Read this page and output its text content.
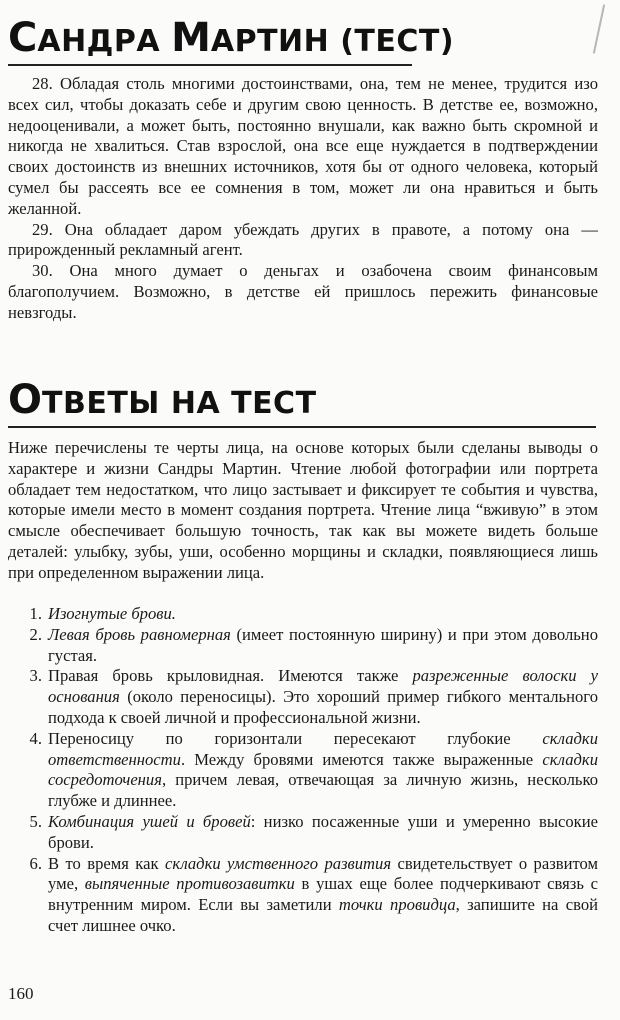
САНДРА МАРТИН (ТЕСТ)

28. Обладая столь многими достоинствами, она, тем не менее, трудится изо всех сил, чтобы доказать себе и другим свою ценность. В детстве ее, возможно, недооценивали, а может быть, постоянно внушали, как важно быть скромной и никогда не хвалиться. Став взрослой, она все еще нуждается в подтверждении своих достоинств из внешних источников, хотя бы от одного человека, который сумел бы рассеять все ее сомнения в том, может ли она нравиться и быть желанной.

29. Она обладает даром убеждать других в правоте, а потому она — прирожденный рекламный агент.

30. Она много думает о деньгах и озабочена своим финансовым благополучием. Возможно, в детстве ей пришлось пережить финансовые невзгоды.

ОТВЕТЫ НА ТЕСТ

Ниже перечислены те черты лица, на основе которых были сделаны выводы о характере и жизни Сандры Мартин. Чтение любой фотографии или портрета обладает тем недостатком, что лицо застывает и фиксирует те события и чувства, которые имели место в момент создания портрета. Чтение лица “вживую” в этом смысле обеспечивает большую точность, так как вы можете видеть больше деталей: улыбку, зубы, уши, особенно морщины и складки, появляющиеся лишь при определенном выражении лица.

1. Изогнутые брови.
2. Левая бровь равномерная (имеет постоянную ширину) и при этом довольно густая.
3. Правая бровь крыловидная. Имеются также разреженные волоски у основания (около переносицы). Это хороший пример гибкого ментального подхода к своей личной и профессиональной жизни.
4. Переносицу по горизонтали пересекают глубокие складки ответственности. Между бровями имеются также выраженные складки сосредоточения, причем левая, отвечающая за личную жизнь, несколько глубже и длиннее.
5. Комбинация ушей и бровей: низко посаженные уши и умеренно высокие брови.
6. В то время как складки умственного развития свидетельствует о развитом уме, выпяченные противозавитки в ушах еще более подчеркивают связь с внутренним миром. Если вы заметили точки провидца, запишите на свой счет лишнее очко.
160
